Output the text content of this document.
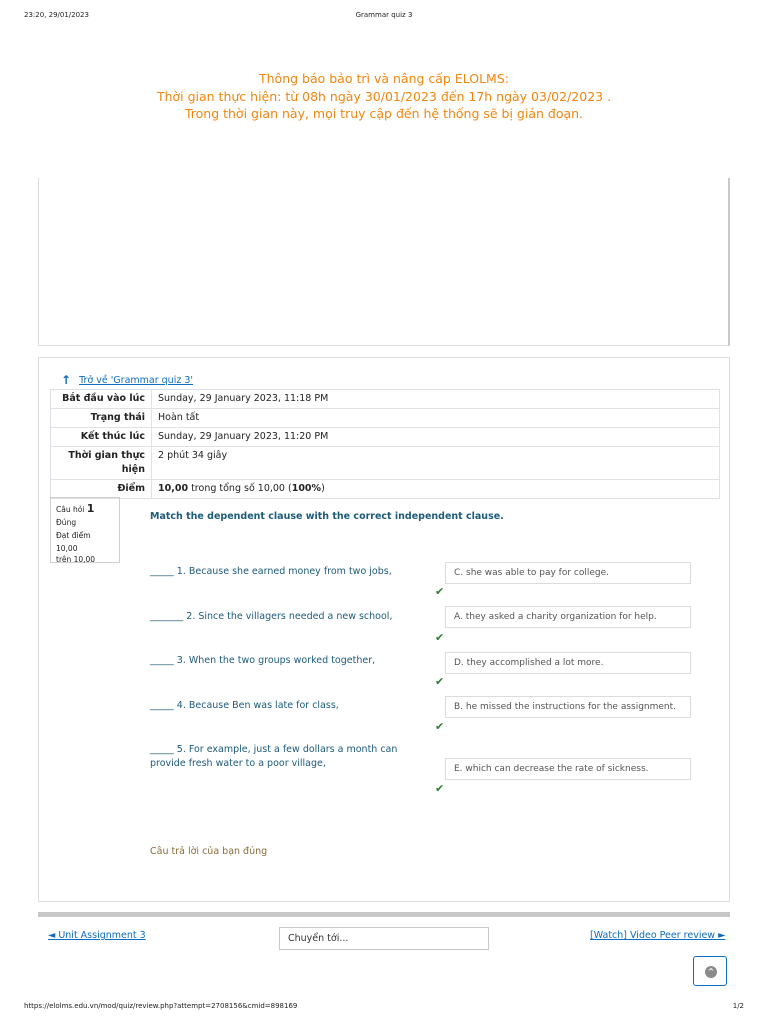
23:20, 29/01/2023	Grammar quiz 3
Thông báo bảo trì và nâng cấp ELOLMS:
Thời gian thực hiện: từ 08h ngày 30/01/2023 đến 17h ngày 03/02/2023 .
Trong thời gian này, mọi truy cập đến hệ thống sẽ bị gián đoạn.
↑ Trở về 'Grammar quiz 3'
Bắt đầu vào lúc	Sunday, 29 January 2023, 11:18 PM
Trạng thái	Hoàn tất
Kết thúc lúc	Sunday, 29 January 2023, 11:20 PM
Thời gian thực hiện	2 phút 34 giây
Điểm	10,00 trong tổng số 10,00 (100%)
Câu hỏi 1
Đúng
Đạt điểm 10,00
trên 10,00
Match the dependent clause with the correct independent clause.
_____ 1. Because she earned money from two jobs,	C. she was able to pay for college.
✔
_______ 2. Since the villagers needed a new school,	A. they asked a charity organization for help.
✔
_____ 3. When the two groups worked together,	D. they accomplished a lot more.
✔
_____ 4. Because Ben was late for class,	B. he missed the instructions for the assignment.
✔
_____ 5. For example, just a few dollars a month can provide fresh water to a poor village,	E. which can decrease the rate of sickness.
✔
Câu trả lời của bạn đúng
◄ Unit Assignment 3	Chuyển tới...	[Watch] Video Peer review ►
^
https://elolms.edu.vn/mod/quiz/review.php?attempt=2708156&cmid=898169	1/2
